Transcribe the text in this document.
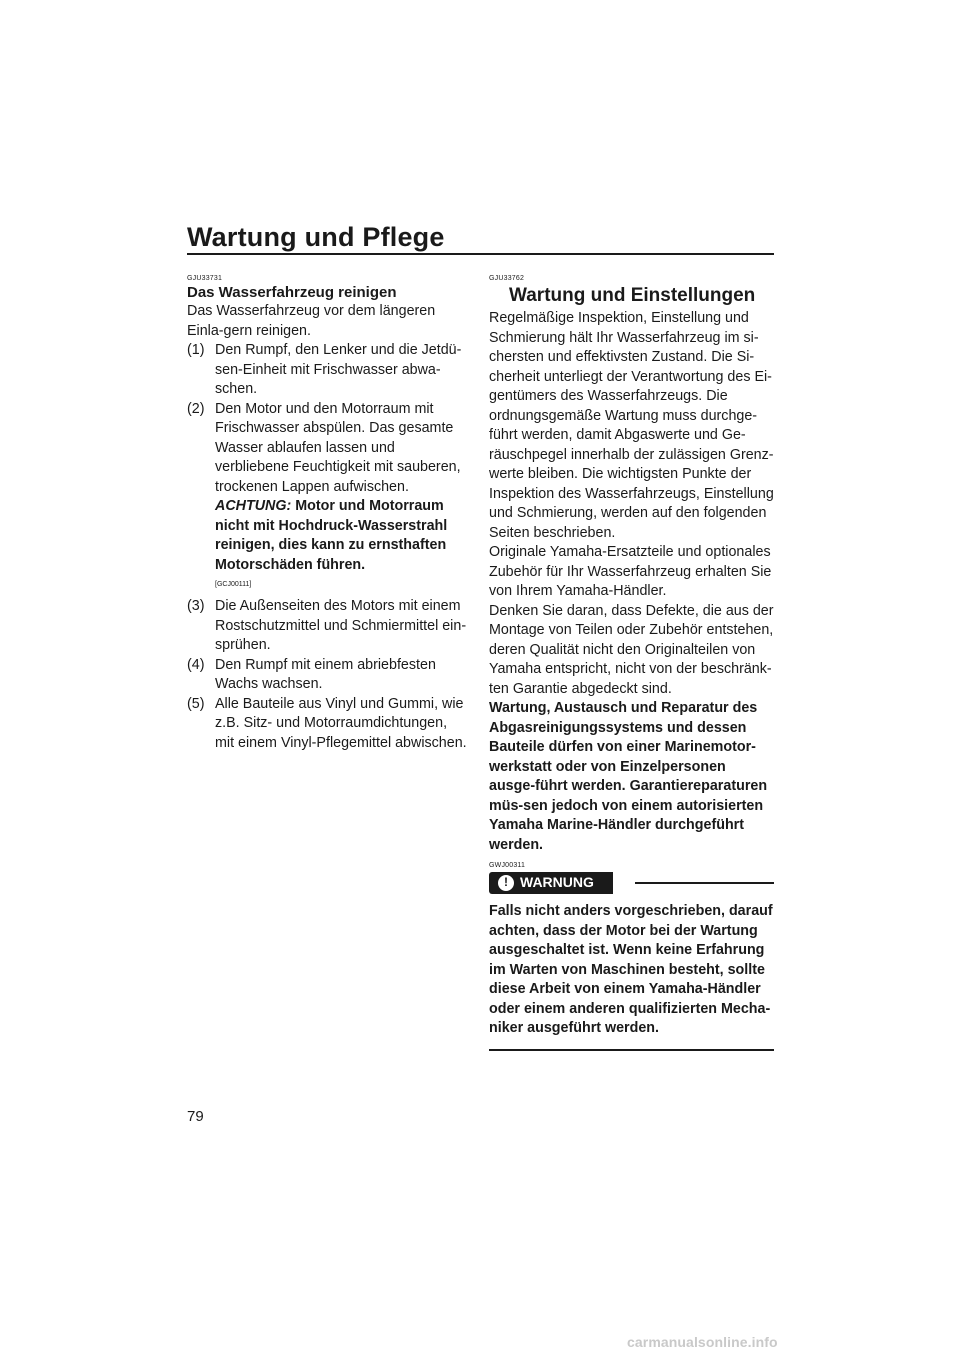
Wartung und Pflege
GJU33731
Das Wasserfahrzeug reinigen

Das Wasserfahrzeug vor dem längeren Einla-gern reinigen.

(1) Den Rumpf, den Lenker und die Jetdü-sen-Einheit mit Frischwasser abwa-schen.
(2) Den Motor und den Motorraum mit Frischwasser abspülen. Das gesamte Wasser ablaufen lassen und verbliebene Feuchtigkeit mit sauberen, trockenen Lappen aufwischen. ACHTUNG: Motor und Motorraum nicht mit Hochdruck-Wasserstrahl reinigen, dies kann zu ernsthaften Motorschäden führen.
[GCJ00111]
(3) Die Außenseiten des Motors mit einem Rostschutzmittel und Schmiermittel ein-sprühen.
(4) Den Rumpf mit einem abriebfesten Wachs wachsen.
(5) Alle Bauteile aus Vinyl und Gummi, wie z.B. Sitz- und Motorraumdichtungen, mit einem Vinyl-Pflegemittel abwischen.
GJU33762
Wartung und Einstellungen

Regelmäßige Inspektion, Einstellung und Schmierung hält Ihr Wasserfahrzeug im si-chersten und effektivsten Zustand. Die Si-cherheit unterliegt der Verantwortung des Ei-gentümers des Wasserfahrzeugs. Die ordnungsgemäße Wartung muss durchge-führt werden, damit Abgaswerte und Ge-räuschpegel innerhalb der zulässigen Grenz-werte bleiben. Die wichtigsten Punkte der Inspektion des Wasserfahrzeugs, Einstellung und Schmierung, werden auf den folgenden Seiten beschrieben.

Originale Yamaha-Ersatzteile und optionales Zubehör für Ihr Wasserfahrzeug erhalten Sie von Ihrem Yamaha-Händler.

Denken Sie daran, dass Defekte, die aus der Montage von Teilen oder Zubehör entstehen, deren Qualität nicht den Originalteilen von Yamaha entspricht, nicht von der beschränk-ten Garantie abgedeckt sind.

Wartung, Austausch und Reparatur des Abgasreinigungssystems und dessen Bauteile dürfen von einer Marinemotor-werkstatt oder von Einzelpersonen ausge-führt werden. Garantiereparaturen müs-sen jedoch von einem autorisierten Yamaha Marine-Händler durchgeführt werden.

GWJ00311
! WARNUNG
Falls nicht anders vorgeschrieben, darauf achten, dass der Motor bei der Wartung ausgeschaltet ist. Wenn keine Erfahrung im Warten von Maschinen besteht, sollte diese Arbeit von einem Yamaha-Händler oder einem anderen qualifizierten Mecha-niker ausgeführt werden.
79
carmanualsonline.info
